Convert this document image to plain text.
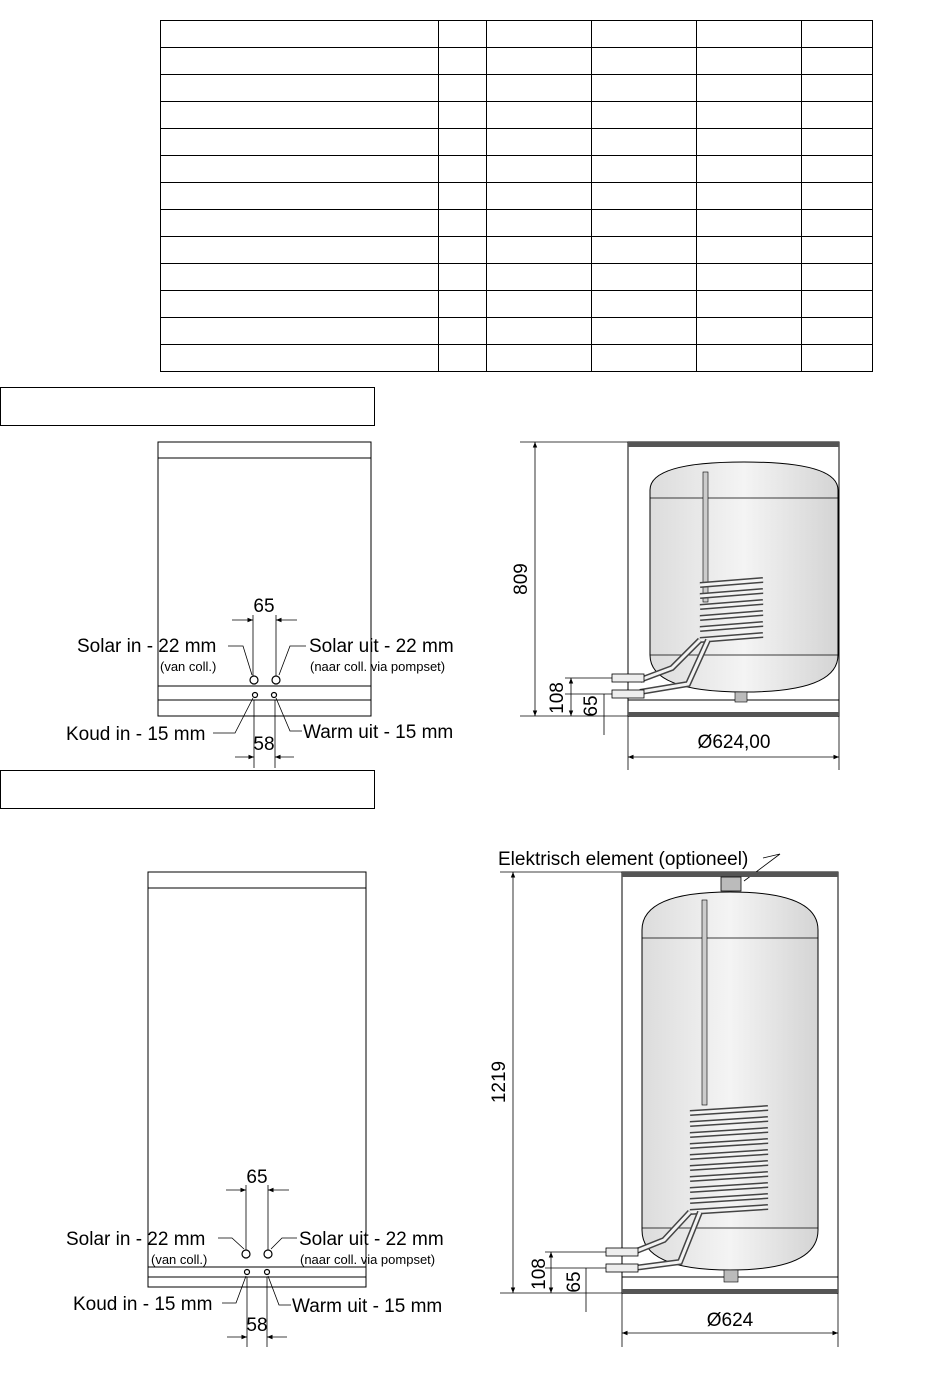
65
Solar in - 22 mm
(van coll.)
Solar uit - 22 mm
(naar coll. via pompset)
Koud in - 15 mm	Warm uit - 15 mm
58
809
108 65
Ø624,00
65
Solar in - 22 mm
(van coll.)
Solar uit - 22 mm
(naar coll. via pompset)
Koud in - 15 mm	Warm uit - 15 mm
58
Elektrisch element (optioneel)
1219
108 65
Ø624
